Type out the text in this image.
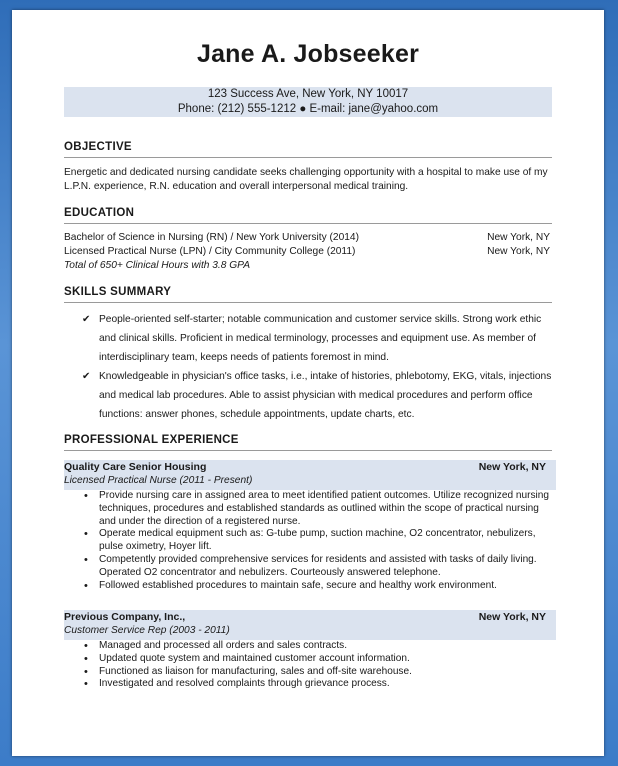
Jane A. Jobseeker
123 Success Ave, New York, NY 10017
Phone: (212) 555-1212 ● E-mail: jane@yahoo.com
OBJECTIVE
Energetic and dedicated nursing candidate seeks challenging opportunity with a hospital to make use of my L.P.N. experience, R.N. education and overall interpersonal medical training.
EDUCATION
Bachelor of Science in Nursing (RN) / New York University (2014)	New York, NY
Licensed Practical Nurse (LPN) / City Community College (2011)	New York, NY
Total of 650+ Clinical Hours with 3.8 GPA
SKILLS SUMMARY
✔ People-oriented self-starter; notable communication and customer service skills. Strong work ethic and clinical skills. Proficient in medical terminology, processes and equipment use. As member of interdisciplinary team, keeps needs of patients foremost in mind.
✔ Knowledgeable in physician's office tasks, i.e., intake of histories, phlebotomy, EKG, vitals, injections and medical lab procedures. Able to assist physician with medical procedures and perform office functions: answer phones, schedule appointments, update charts, etc.
PROFESSIONAL EXPERIENCE
Quality Care Senior Housing	New York, NY
Licensed Practical Nurse (2011 - Present)
• Provide nursing care in assigned area to meet identified patient outcomes. Utilize recognized nursing techniques, procedures and established standards as outlined within the scope of practical nursing and under the direction of a registered nurse.
• Operate medical equipment such as: G-tube pump, suction machine, O2 concentrator, nebulizers, pulse oximetry, Hoyer lift.
• Competently provided comprehensive services for residents and assisted with tasks of daily living. Operated O2 concentrator and nebulizers. Courteously answered telephone.
• Followed established procedures to maintain safe, secure and healthy work environment.
Previous Company, Inc.,	New York, NY
Customer Service Rep (2003 - 2011)
• Managed and processed all orders and sales contracts.
• Updated quote system and maintained customer account information.
• Functioned as liaison for manufacturing, sales and off-site warehouse.
• Investigated and resolved complaints through grievance process.
